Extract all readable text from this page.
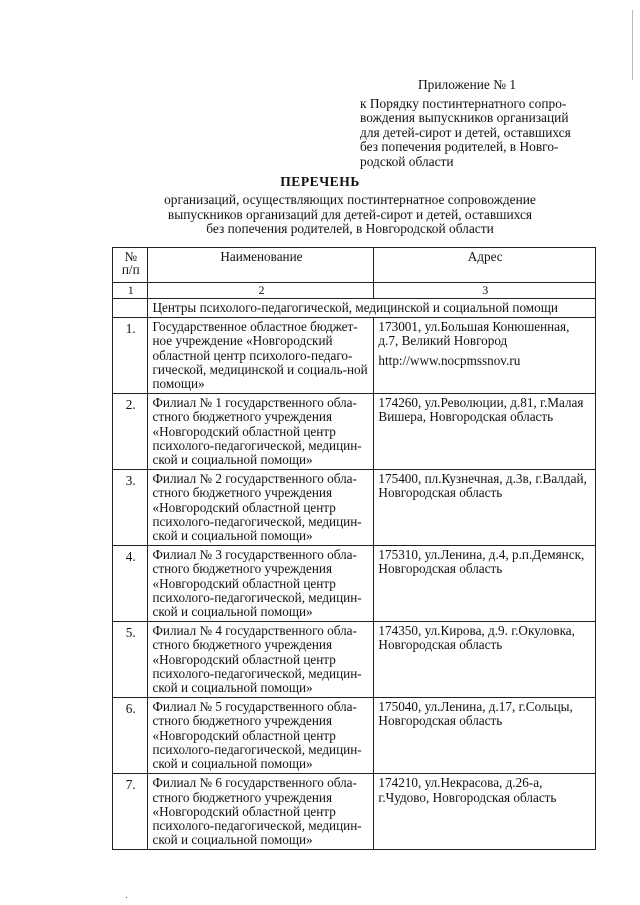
Приложение № 1
к Порядку постинтернатного сопро-
вождения выпускников организаций
для детей-сирот и детей, оставшихся
без попечения родителей, в Новго-
родской области
ПЕРЕЧЕНЬ
организаций, осуществляющих постинтернатное сопровождение
выпускников организаций для детей-сирот и детей, оставшихся
без попечения родителей, в Новгородской области
№
п/п	Наименование	Адрес
1	2	3
	Центры психолого-педагогической, медицинской и социальной помощи	
1.	Государственное областное бюджет-ное учреждение «Новгородский областной центр психолого-педаго-гической, медицинской и социаль-ной помощи»	173001, ул.Большая Конюшенная, д.7, Великий Новгород
http://www.nocpmssnov.ru

2.	Филиал № 1 государственного обла-стного бюджетного учреждения «Новгородский областной центр психолого-педагогической, медицин-ской и социальной помощи»	174260, ул.Революции, д.81, г.Малая Вишера, Новгородская область
3.	Филиал № 2 государственного обла-стного бюджетного учреждения «Новгородский областной центр психолого-педагогической, медицин-ской и социальной помощи»	175400, пл.Кузнечная, д.3в, г.Валдай, Новгородская область
4.	Филиал № 3 государственного обла-стного бюджетного учреждения «Новгородский областной центр психолого-педагогической, медицин-ской и социальной помощи»	175310, ул.Ленина, д.4, р.п.Демянск, Новгородская область
5.	Филиал № 4 государственного обла-стного бюджетного учреждения «Новгородский областной центр психолого-педагогической, медицин-ской и социальной помощи»	174350, ул.Кирова, д.9. г.Окуловка, Новгородская область
6.	Филиал № 5 государственного обла-стного бюджетного учреждения «Новгородский областной центр психолого-педагогической, медицин-ской и социальной помощи»	175040, ул.Ленина, д.17, г.Сольцы, Новгородская область
7.	Филиал № 6 государственного обла-стного бюджетного учреждения «Новгородский областной центр психолого-педагогической, медицин-ской и социальной помощи»	174210, ул.Некрасова, д.26-а, г.Чудово, Новгородская область
·
